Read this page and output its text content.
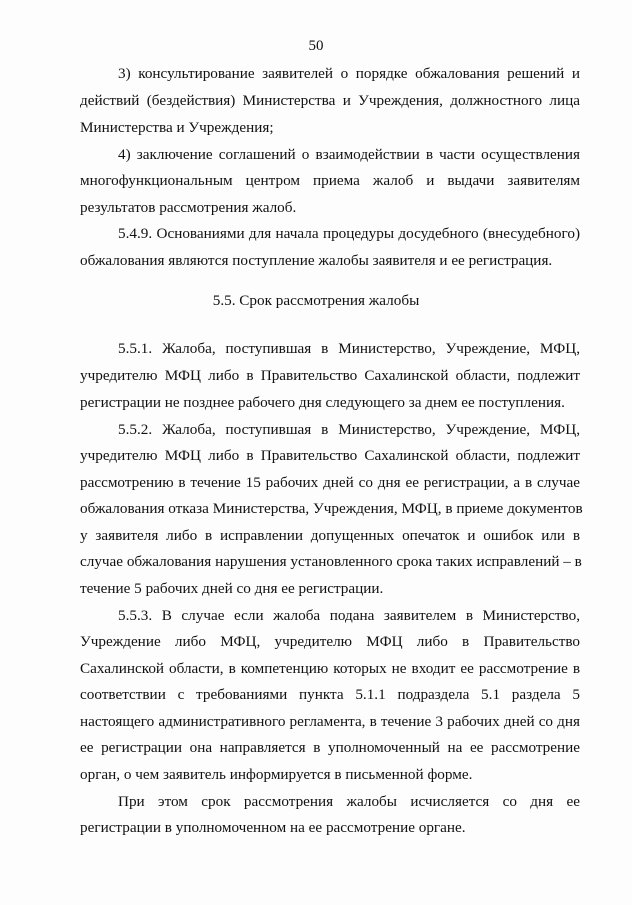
50
3) консультирование заявителей о порядке обжалования решений и
действий (бездействия) Министерства и Учреждения, должностного лица
Министерства и Учреждения;
4) заключение соглашений о взаимодействии в части осуществления
многофункциональным центром приема жалоб и выдачи заявителям
результатов рассмотрения жалоб.
5.4.9. Основаниями для начала процедуры досудебного (внесудебного)
обжалования являются поступление жалобы заявителя и ее регистрация.
5.5. Срок рассмотрения жалобы
5.5.1. Жалоба, поступившая в Министерство, Учреждение, МФЦ,
учредителю МФЦ либо в Правительство Сахалинской области, подлежит
регистрации не позднее рабочего дня следующего за днем ее поступления.
5.5.2. Жалоба, поступившая в Министерство, Учреждение, МФЦ,
учредителю МФЦ либо в Правительство Сахалинской области, подлежит
рассмотрению в течение 15 рабочих дней со дня ее регистрации, а в случае
обжалования отказа Министерства, Учреждения, МФЦ, в приеме документов
у заявителя либо в исправлении допущенных опечаток и ошибок или в
случае обжалования нарушения установленного срока таких исправлений – в
течение 5 рабочих дней со дня ее регистрации.
5.5.3. В случае если жалоба подана заявителем в Министерство,
Учреждение либо МФЦ, учредителю МФЦ либо в Правительство
Сахалинской области, в компетенцию которых не входит ее рассмотрение в
соответствии с требованиями пункта 5.1.1 подраздела 5.1 раздела 5
настоящего административного регламента, в течение 3 рабочих дней со дня
ее регистрации она направляется в уполномоченный на ее рассмотрение
орган, о чем заявитель информируется в письменной форме.
При этом срок рассмотрения жалобы исчисляется со дня ее
регистрации в уполномоченном на ее рассмотрение органе.
